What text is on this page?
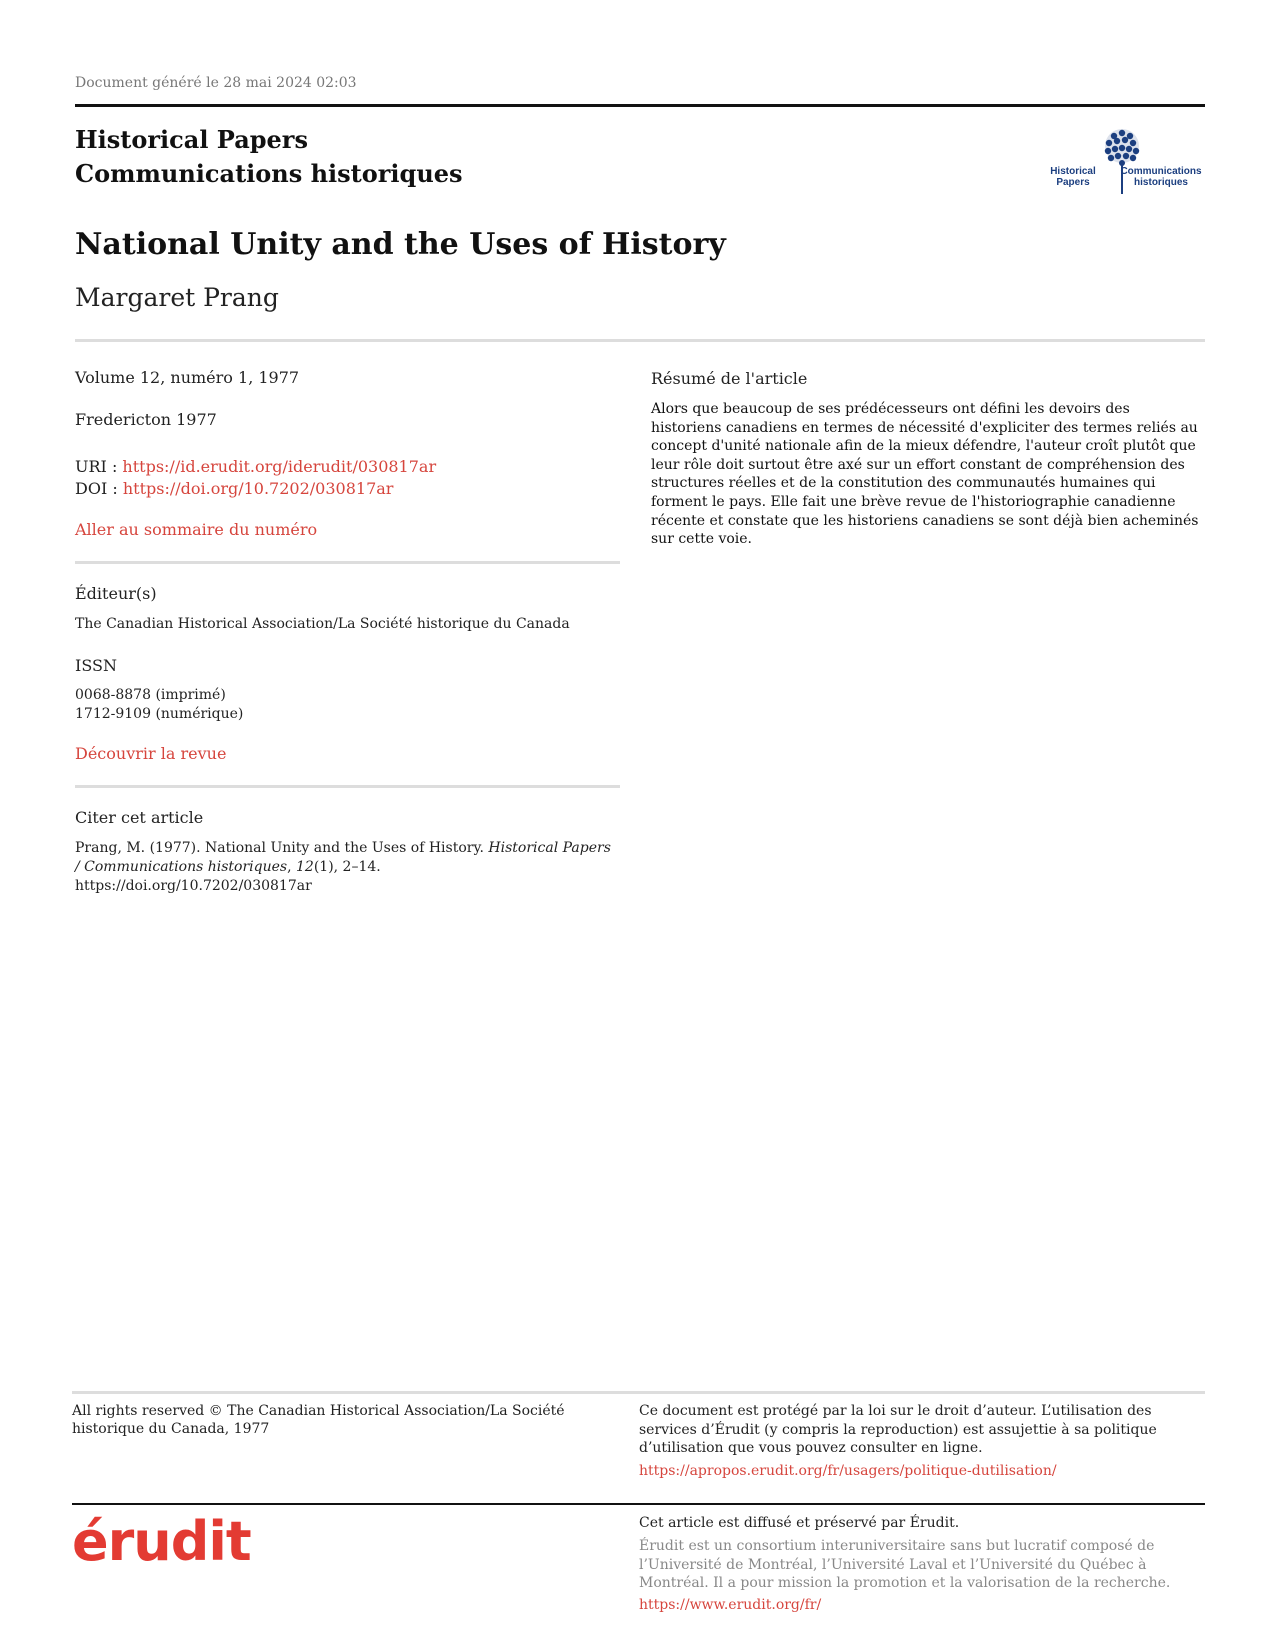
Document généré le 28 mai 2024 02:03
Historical Papers
Communications historiques	Historical
Papers
Communications
historiques
National Unity and the Uses of History
Margaret Prang
Volume 12, numéro 1, 1977
Fredericton 1977
URI : https://id.erudit.org/iderudit/030817ar
DOI : https://doi.org/10.7202/030817ar
Aller au sommaire du numéro
Éditeur(s)
The Canadian Historical Association/La Société historique du Canada
ISSN
0068-8878 (imprimé)
1712-9109 (numérique)
Découvrir la revue
Citer cet article
Prang, M. (1977). National Unity and the Uses of History. Historical Papers / Communications historiques, 12(1), 2–14. https://doi.org/10.7202/030817ar
Résumé de l'article
Alors que beaucoup de ses prédécesseurs ont défini les devoirs des historiens canadiens en termes de nécessité d'expliciter des termes reliés au concept d'unité nationale afin de la mieux défendre, l'auteur croît plutôt que leur rôle doit surtout être axé sur un effort constant de compréhension des structures réelles et de la constitution des communautés humaines qui forment le pays. Elle fait une brève revue de l'historiographie canadienne récente et constate que les historiens canadiens se sont déjà bien acheminés sur cette voie.
All rights reserved © The Canadian Historical Association/La Société historique du Canada, 1977
Ce document est protégé par la loi sur le droit d’auteur. L’utilisation des services d’Érudit (y compris la reproduction) est assujettie à sa politique d’utilisation que vous pouvez consulter en ligne.
https://apropos.erudit.org/fr/usagers/politique-dutilisation/
érudit	Cet article est diffusé et préservé par Érudit.
Érudit est un consortium interuniversitaire sans but lucratif composé de l’Université de Montréal, l’Université Laval et l’Université du Québec à Montréal. Il a pour mission la promotion et la valorisation de la recherche.
https://www.erudit.org/fr/
